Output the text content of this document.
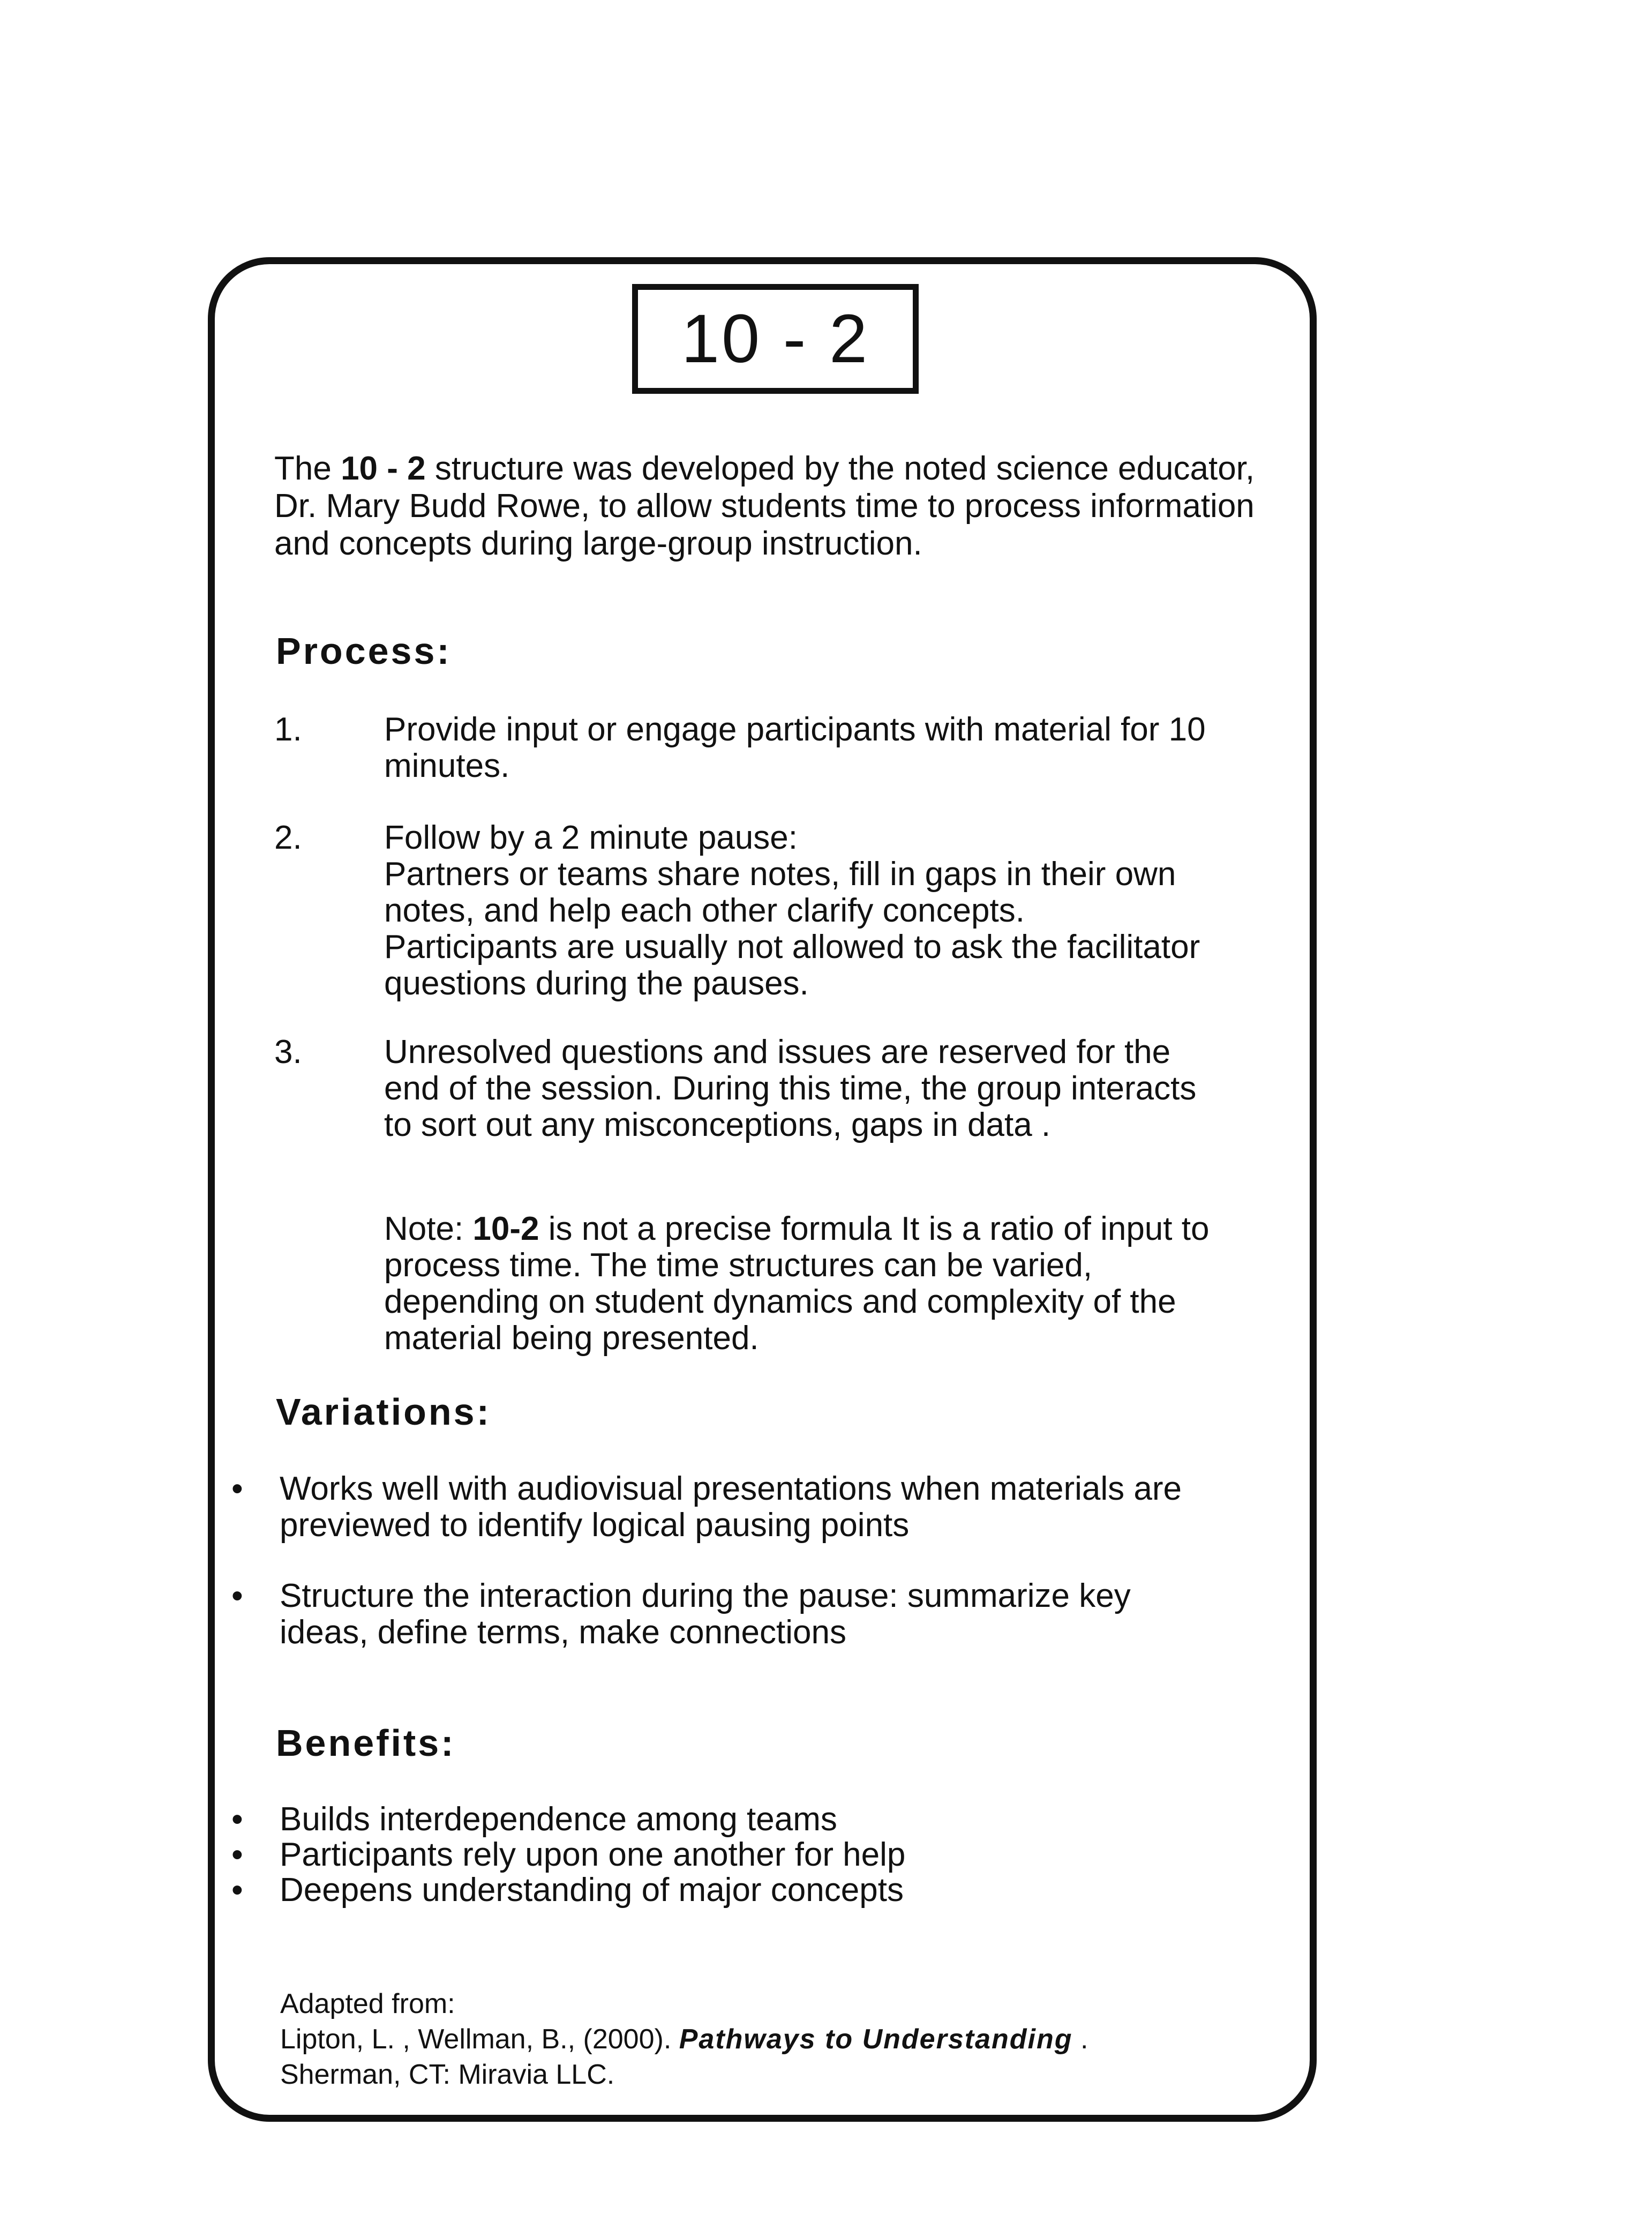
10 - 2
The 10 - 2 structure was developed by the noted science educator,
Dr. Mary Budd Rowe, to allow students time to process information
and concepts during large-group instruction.
Process:
1. Provide input or engage participants with material for 10
minutes.
2. Follow by a 2 minute pause:
Partners or teams share notes, fill in gaps in their own
notes, and help each other clarify concepts.
Participants are usually not allowed to ask the facilitator
questions during the pauses.
3. Unresolved questions and issues are reserved for the
end of the session. During this time, the group interacts
to sort out any misconceptions, gaps in data .
Note: 10-2 is not a precise formula It is a ratio of input to
process time. The time structures can be varied,
depending on student dynamics and complexity of the
material being presented.
Variations:
• Works well with audiovisual presentations when materials are
previewed to identify logical pausing points
• Structure the interaction during the pause: summarize key
ideas, define terms, make connections
Benefits:
• Builds interdependence among teams
• Participants rely upon one another for help
• Deepens understanding of major concepts
Adapted from:
Lipton, L. , Wellman, B., (2000). Pathways to Understanding .
Sherman, CT: Miravia LLC.
